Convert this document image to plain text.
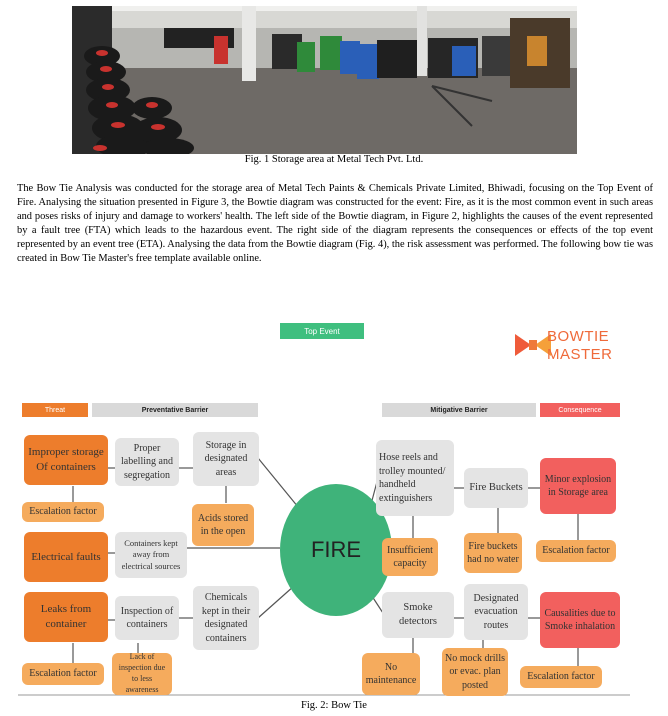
Fig. 1 Storage area at Metal Tech Pvt. Ltd.

The Bow Tie Analysis was conducted for the storage area of Metal Tech Paints & Chemicals Private Limited, Bhiwadi, focusing on the Top Event of Fire. Analysing the situation presented in Figure 3, the Bowtie diagram was constructed for the event: Fire, as it is the most common event in such areas and poses risks of injury and damage to workers' health. The left side of the Bowtie diagram, in Figure 2, highlights the causes of the event represented by a fault tree (FTA) which leads to the hazardous event. The right side of the diagram represents the consequences or effects of the top event represented by an event tree (ETA). Analysing the data from the Bowtie diagram (Fig. 4), the risk assessment was performed. The following bow tie was created in Bow Tie Master's free template available online.

Top Event	BOWTIE
MASTER
Threat	Preventative Barrier	Mitigative Barrier	Consequence
Improper storage Of containers
Electrical faults
Leaks from container
Escalation factor
Escalation factor
Proper labelling and segregation
Storage in designated areas
Containers kept away from electrical sources
Inspection of containers
Chemicals kept in their designated containers
Acids stored in the open
Lack of inspection due to less awareness
FIRE
Hose reels and trolley mounted/ handheld extinguishers
Fire Buckets
Smoke detectors
Designated evacuation routes
Insufficient capacity
Fire buckets had no water
No maintenance
No mock drills or evac. plan posted
Minor explosion in Storage area
Causalities due to Smoke inhalation
Escalation factor
Escalation factor
Fig. 2: Bow Tie
